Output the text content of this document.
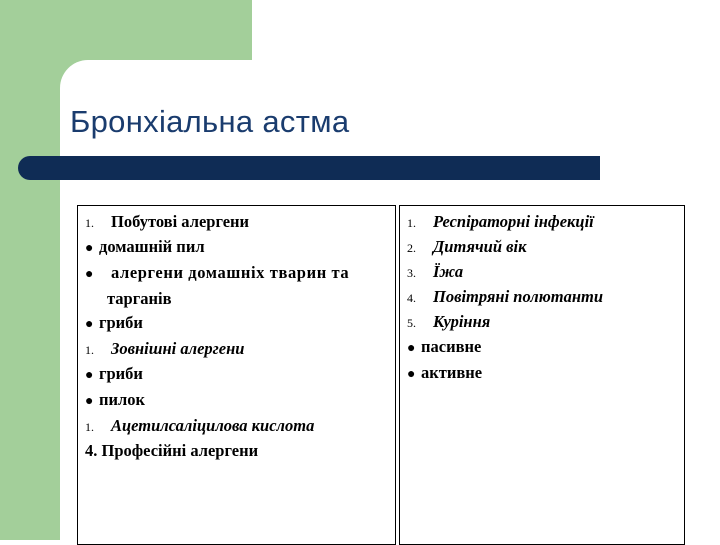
Бронхіальна астма
1.	Побутові алергени
● домашній пил
●	алергени домашніх тварин та
тарганів
● гриби
1.	Зовнішні алергени
● гриби
● пилок
1.	Ацетилсаліцилова кислота
4.
Професійні алергени
1.	Респіраторні інфекції
2.	Дитячий вік
3.	Їжа
4.	Повітряні полютанти
5.	Куріння
● пасивне
● активне
